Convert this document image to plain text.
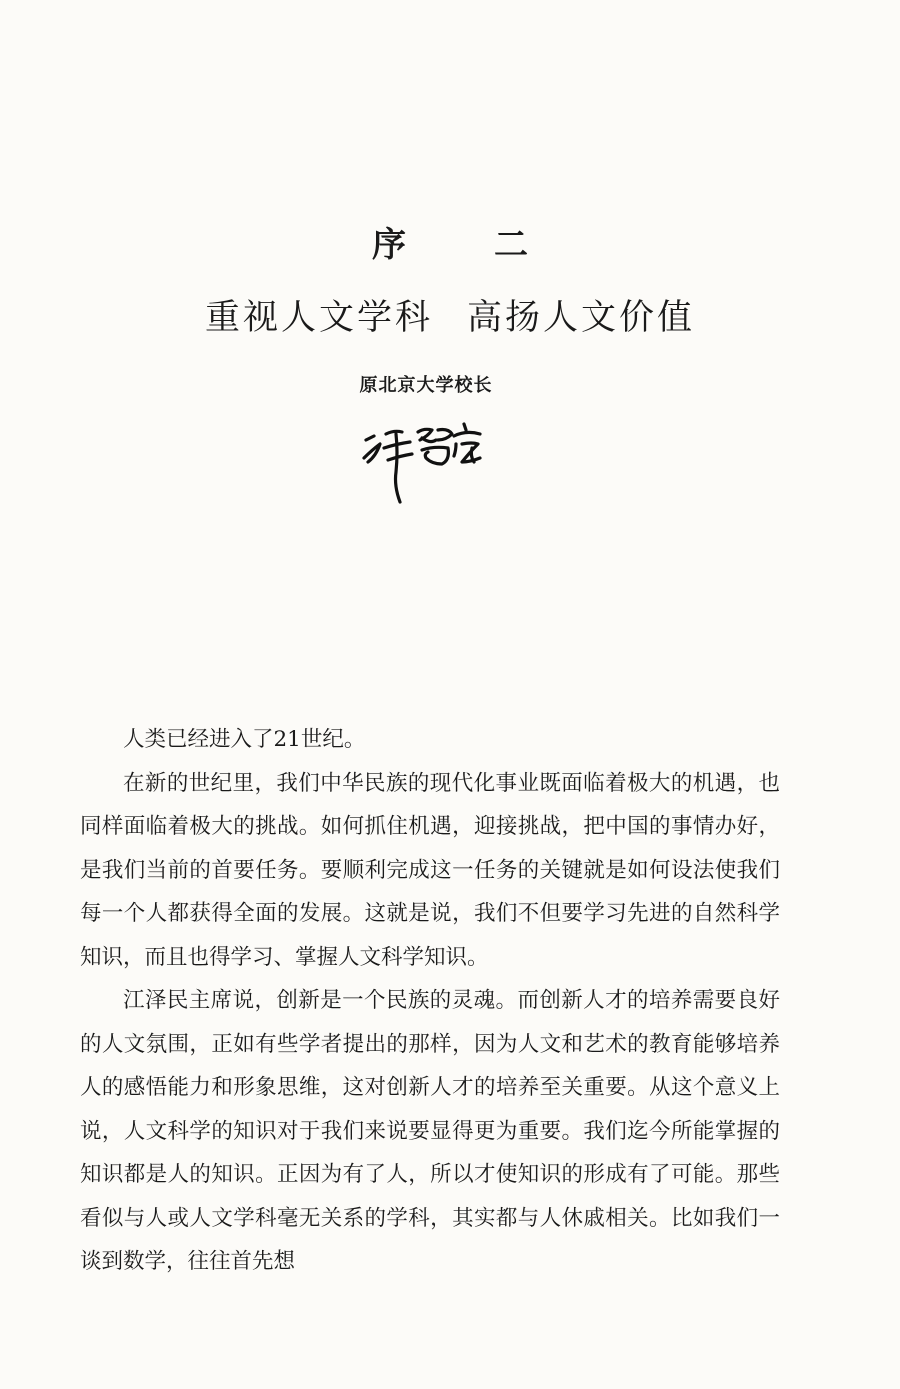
序	二
重视人文学科 高扬人文价值
原北京大学校长

人类已经进入了21世纪。

在新的世纪里，我们中华民族的现代化事业既面临着极大的机遇，也同样面临着极大的挑战。如何抓住机遇，迎接挑战，把中国的事情办好，是我们当前的首要任务。要顺利完成这一任务的关键就是如何设法使我们每一个人都获得全面的发展。这就是说，我们不但要学习先进的自然科学知识，而且也得学习、掌握人文科学知识。

江泽民主席说，创新是一个民族的灵魂。而创新人才的培养需要良好的人文氛围，正如有些学者提出的那样，因为人文和艺术的教育能够培养人的感悟能力和形象思维，这对创新人才的培养至关重要。从这个意义上说，人文科学的知识对于我们来说要显得更为重要。我们迄今所能掌握的知识都是人的知识。正因为有了人，所以才使知识的形成有了可能。那些看似与人或人文学科毫无关系的学科，其实都与人休戚相关。比如我们一谈到数学，往往首先想
